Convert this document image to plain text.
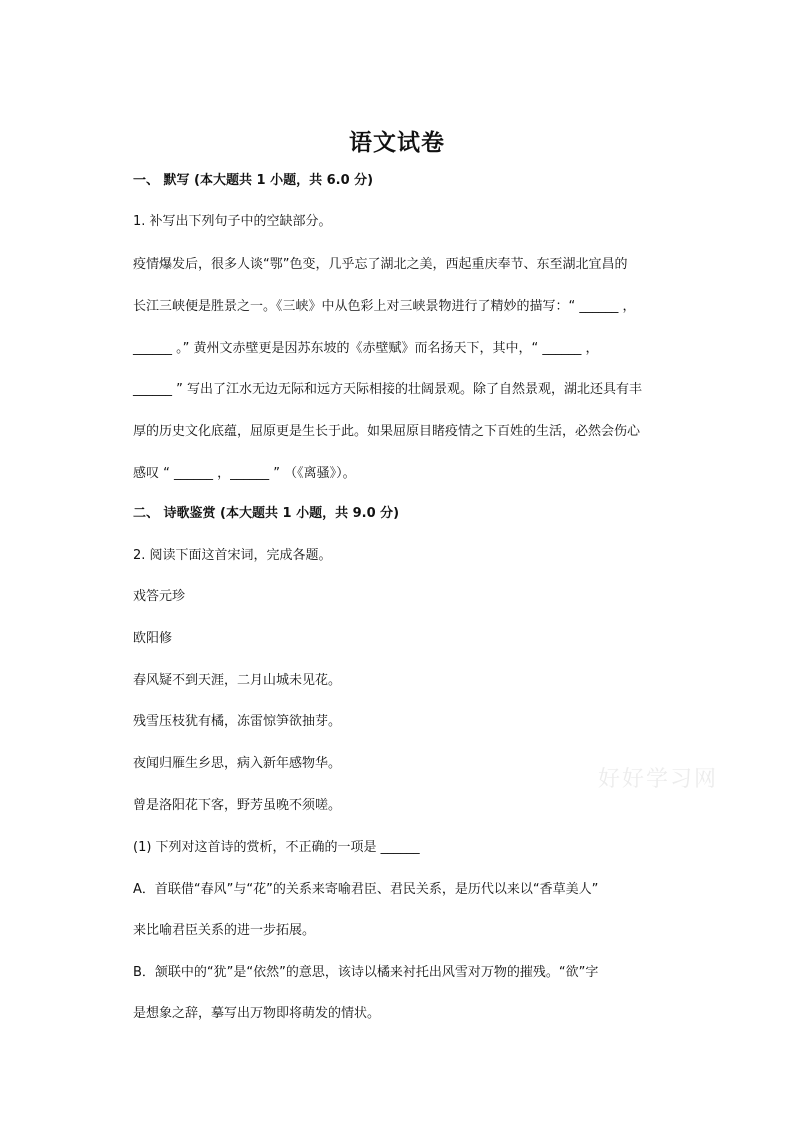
语文试卷
一、 默写 (本大题共 1 小题，共 6.0 分)
1. 补写出下列句子中的空缺部分。
疫情爆发后，很多人谈“鄂”色变，几乎忘了湖北之美，西起重庆奉节、东至湖北宜昌的
长江三峡便是胜景之一。《三峡》中从色彩上对三峡景物进行了精妙的描写：“ ______ ，
______ 。” 黄州文赤壁更是因苏东坡的《赤壁赋》而名扬天下，其中，“ ______ ，
______ ” 写出了江水无边无际和远方天际相接的壮阔景观。除了自然景观，湖北还具有丰
厚的历史文化底蕴，屈原更是生长于此。如果屈原目睹疫情之下百姓的生活，必然会伤心
感叹 “ ______ ，______ ” （《离骚》）。
二、 诗歌鉴赏 (本大题共 1 小题，共 9.0 分)
2. 阅读下面这首宋词，完成各题。
戏答元珍
欧阳修
春风疑不到天涯，二月山城未见花。
残雪压枝犹有橘，冻雷惊笋欲抽芽。
夜闻归雁生乡思，病入新年感物华。
曾是洛阳花下客，野芳虽晚不须嗟。
(1) 下列对这首诗的赏析，不正确的一项是 ______
A．首联借“春风”与“花”的关系来寄喻君臣、君民关系，是历代以来以“香草美人”
来比喻君臣关系的进一步拓展。
B．颔联中的“犹”是“依然”的意思，该诗以橘来衬托出风雪对万物的摧残。“欲”字
是想象之辞，摹写出万物即将萌发的情状。
好好学习网
